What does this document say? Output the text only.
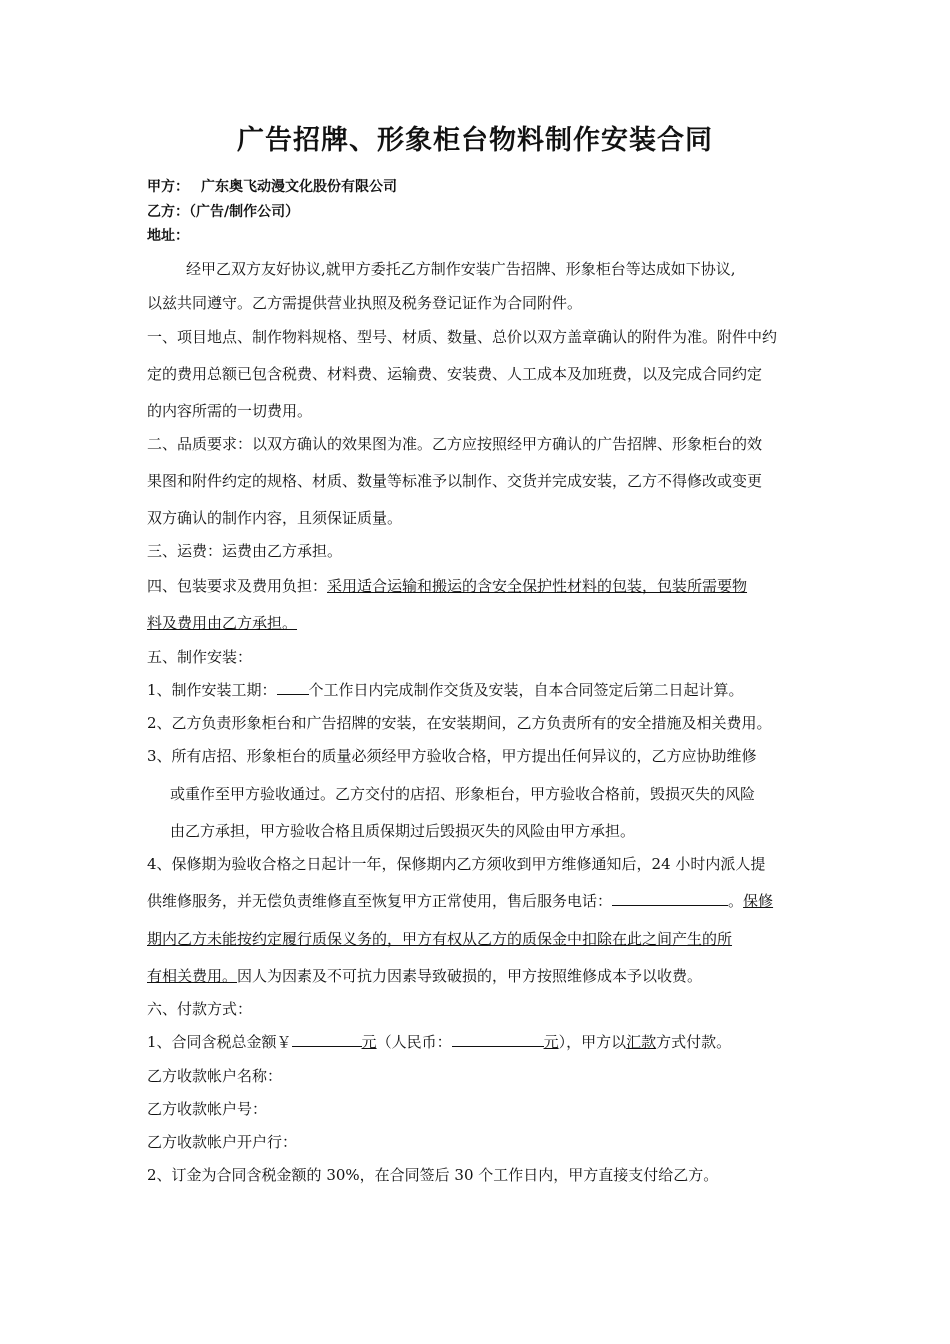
广告招牌、形象柜台物料制作安装合同
甲方： 广东奥飞动漫文化股份有限公司
乙方：（广告/制作公司）
地址：
经甲乙双方友好协议,就甲方委托乙方制作安装广告招牌、形象柜台等达成如下协议,
以兹共同遵守。乙方需提供营业执照及税务登记证作为合同附件。
一、项目地点、制作物料规格、型号、材质、数量、总价以双方盖章确认的附件为准。附件中约
定的费用总额已包含税费、材料费、运输费、安装费、人工成本及加班费，以及完成合同约定
的内容所需的一切费用。
二、品质要求：以双方确认的效果图为准。乙方应按照经甲方确认的广告招牌、形象柜台的效
果图和附件约定的规格、材质、数量等标准予以制作、交货并完成安装，乙方不得修改或变更
双方确认的制作内容，且须保证质量。
三、运费：运费由乙方承担。
四、包装要求及费用负担：采用适合运输和搬运的含安全保护性材料的包装，包装所需要物
料及费用由乙方承担。
五、制作安装：
1、制作安装工期： 个工作日内完成制作交货及安装，自本合同签定后第二日起计算。
2、乙方负责形象柜台和广告招牌的安装，在安装期间，乙方负责所有的安全措施及相关费用。
3、所有店招、形象柜台的质量必须经甲方验收合格，甲方提出任何异议的，乙方应协助维修
或重作至甲方验收通过。乙方交付的店招、形象柜台，甲方验收合格前，毁损灭失的风险
由乙方承担，甲方验收合格且质保期过后毁损灭失的风险由甲方承担。
4、保修期为验收合格之日起计一年，保修期内乙方须收到甲方维修通知后，24 小时内派人提
供维修服务，并无偿负责维修直至恢复甲方正常使用，售后服务电话：	。保修
期内乙方未能按约定履行质保义务的，甲方有权从乙方的质保金中扣除在此之间产生的所
有相关费用。因人为因素及不可抗力因素导致破损的，甲方按照维修成本予以收费。
六、付款方式：
1、合同含税总金额￥	元（人民币：	元），甲方以汇款方式付款。
乙方收款帐户名称：
乙方收款帐户号：
乙方收款帐户开户行：
2、订金为合同含税金额的 30%，在合同签后 30 个工作日内，甲方直接支付给乙方。
